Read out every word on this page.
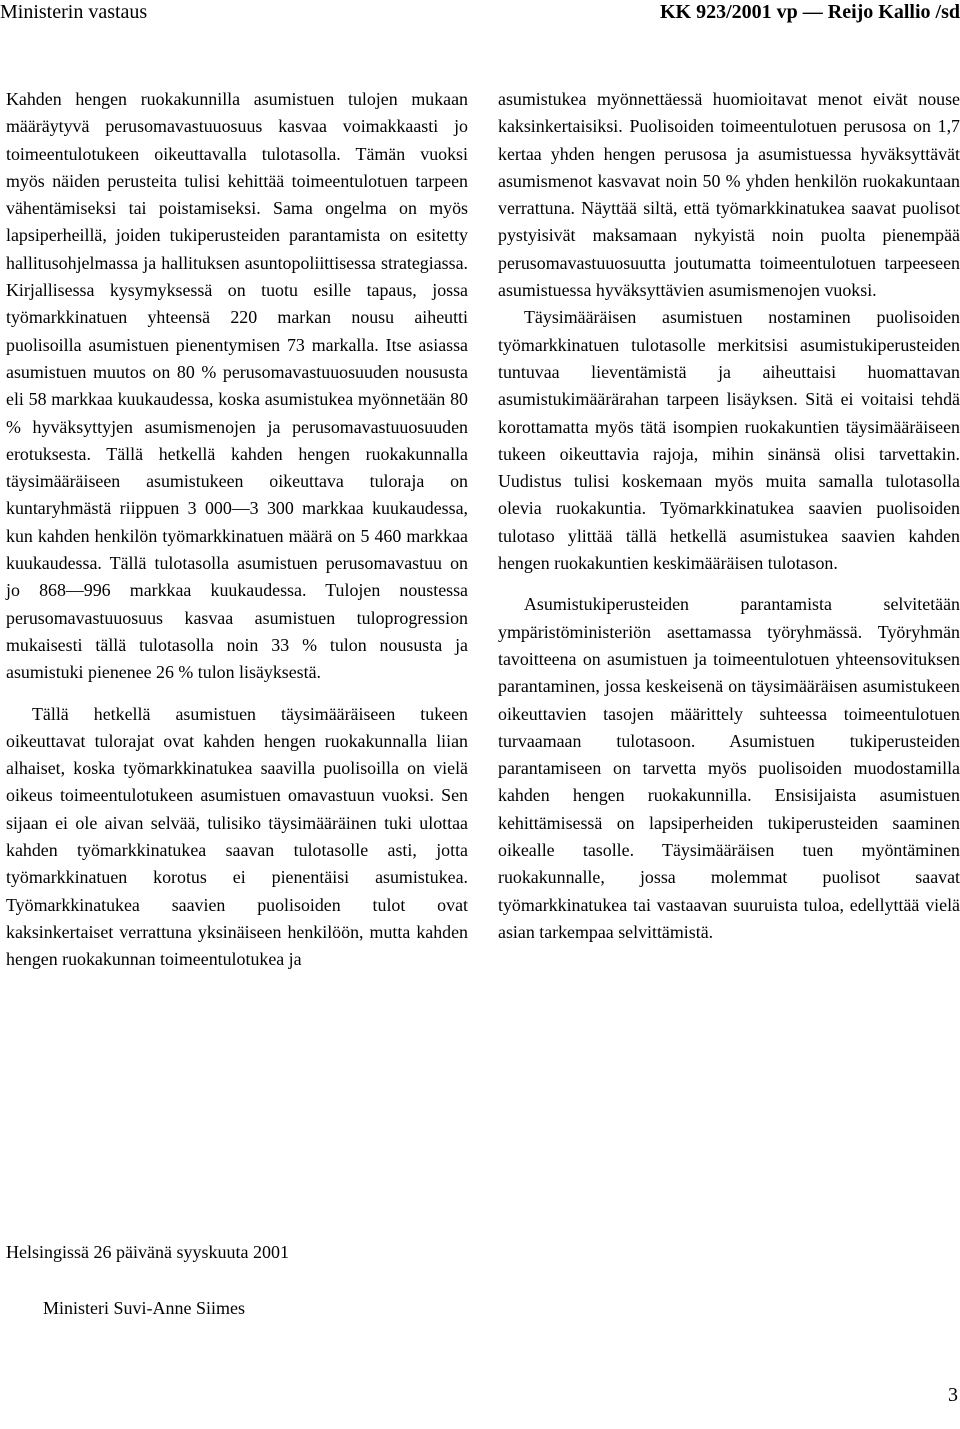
Ministerin vastaus	KK 923/2001 vp — Reijo Kallio /sd

Kahden hengen ruokakunnilla asumistuen tulojen mukaan määräytyvä perusomavastuuosuus kasvaa voimakkaasti jo toimeentulotukeen oikeuttavalla tulotasolla. Tämän vuoksi myös näiden perusteita tulisi kehittää toimeentulotuen tarpeen vähentämiseksi tai poistamiseksi. Sama ongelma on myös lapsiperheillä, joiden tukiperusteiden parantamista on esitetty hallitusohjelmassa ja hallituksen asuntopoliittisessa strategiassa. Kirjallisessa kysymyksessä on tuotu esille tapaus, jossa työmarkkinatuen yhteensä 220 markan nousu aiheutti puolisoilla asumistuen pienentymisen 73 markalla. Itse asiassa asumistuen muutos on 80 % perusomavastuuosuuden noususta eli 58 markkaa kuukaudessa, koska asumistukea myönnetään 80 % hyväksyttyjen asumismenojen ja perusomavastuuosuuden erotuksesta. Tällä hetkellä kahden hengen ruokakunnalla täysimääräiseen asumistukeen oikeuttava tuloraja on kuntaryhmästä riippuen 3 000—3 300 markkaa kuukaudessa, kun kahden henkilön työmarkkinatuen määrä on 5 460 markkaa kuukaudessa. Tällä tulotasolla asumistuen perusomavastuu on jo 868—996 markkaa kuukaudessa. Tulojen noustessa perusomavastuuosuus kasvaa asumistuen tuloprogression mukaisesti tällä tulotasolla noin 33 % tulon noususta ja asumistuki pienenee 26 % tulon lisäyksestä.

Tällä hetkellä asumistuen täysimääräiseen tukeen oikeuttavat tulorajat ovat kahden hengen ruokakunnalla liian alhaiset, koska työmarkkinatukea saavilla puolisoilla on vielä oikeus toimeentulotukeen asumistuen omavastuun vuoksi. Sen sijaan ei ole aivan selvää, tulisiko täysimääräinen tuki ulottaa kahden työmarkkinatukea saavan tulotasolle asti, jotta työmarkkinatuen korotus ei pienentäisi asumistukea. Työmarkkinatukea saavien puolisoiden tulot ovat kaksinkertaiset verrattuna yksinäiseen henkilöön, mutta kahden hengen ruokakunnan toimeentulotukea ja

asumistukea myönnettäessä huomioitavat menot eivät nouse kaksinkertaisiksi. Puolisoiden toimeentulotuen perusosa on 1,7 kertaa yhden hengen perusosa ja asumistuessa hyväksyttävät asumismenot kasvavat noin 50 % yhden henkilön ruokakuntaan verrattuna. Näyttää siltä, että työmarkkinatukea saavat puolisot pystyisivät maksamaan nykyistä noin puolta pienempää perusomavastuuosuutta joutumatta toimeentulotuen tarpeeseen asumistuessa hyväksyttävien asumismenojen vuoksi.

Täysimääräisen asumistuen nostaminen puolisoiden työmarkkinatuen tulotasolle merkitsisi asumistukiperusteiden tuntuvaa lieventämistä ja aiheuttaisi huomattavan asumistukimäärärahan tarpeen lisäyksen. Sitä ei voitaisi tehdä korottamatta myös tätä isompien ruokakuntien täysimääräiseen tukeen oikeuttavia rajoja, mihin sinänsä olisi tarvettakin. Uudistus tulisi koskemaan myös muita samalla tulotasolla olevia ruokakuntia. Työmarkkinatukea saavien puolisoiden tulotaso ylittää tällä hetkellä asumistukea saavien kahden hengen ruokakuntien keskimääräisen tulotason.

Asumistukiperusteiden parantamista selvitetään ympäristöministeriön asettamassa työryhmässä. Työryhmän tavoitteena on asumistuen ja toimeentulotuen yhteensovituksen parantaminen, jossa keskeisenä on täysimääräisen asumistukeen oikeuttavien tasojen määrittely suhteessa toimeentulotuen turvaamaan tulotasoon. Asumistuen tukiperusteiden parantamiseen on tarvetta myös puolisoiden muodostamilla kahden hengen ruokakunnilla. Ensisijaista asumistuen kehittämisessä on lapsiperheiden tukiperusteiden saaminen oikealle tasolle. Täysimääräisen tuen myöntäminen ruokakunnalle, jossa molemmat puolisot saavat työmarkkinatukea tai vastaavan suuruista tuloa, edellyttää vielä asian tarkempaa selvittämistä.

Helsingissä 26 päivänä syyskuuta 2001
Ministeri Suvi-Anne Siimes
3
